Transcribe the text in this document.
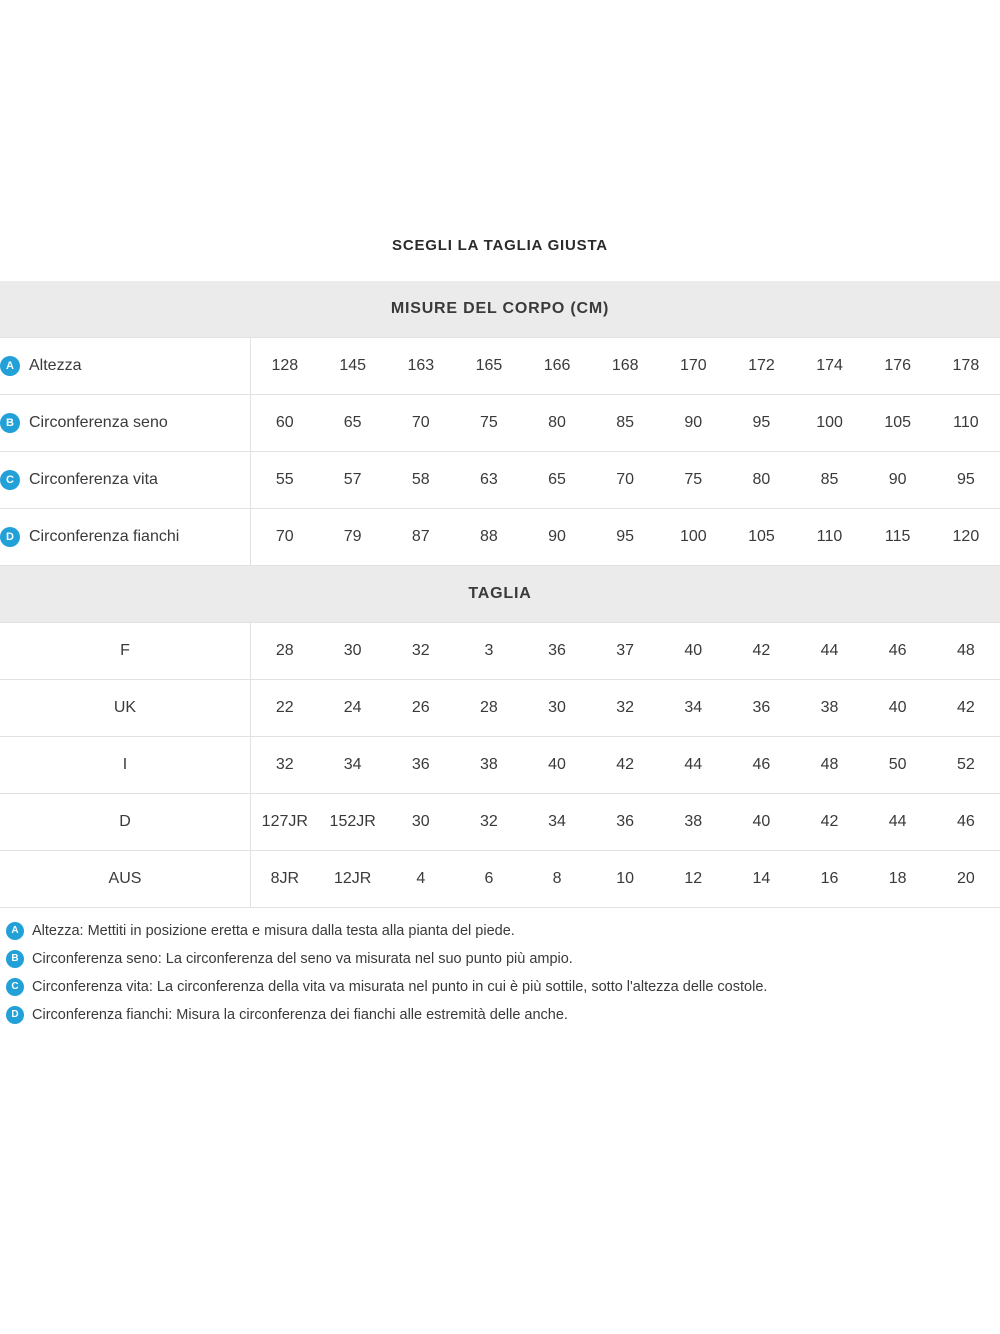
SCEGLI LA TAGLIA GIUSTA
MISURE DEL CORPO (CM)											

A Altezza	128	145	163	165	166	168	170	172	174	176	178

B Circonferenza seno	60	65	70	75	80	85	90	95	100	105	110

C Circonferenza vita	55	57	58	63	65	70	75	80	85	90	95

D Circonferenza fianchi	70	79	87	88	90	95	100	105	110	115	120
TAGLIA											
F	28	30	32	3	36	37	40	42	44	46	48
UK	22	24	26	28	30	32	34	36	38	40	42
I	32	34	36	38	40	42	44	46	48	50	52
D	127JR	152JR	30	32	34	36	38	40	42	44	46
AUS	8JR	12JR	4	6	8	10	12	14	16	18	20
A Altezza: Mettiti in posizione eretta e misura dalla testa alla pianta del piede.
B Circonferenza seno: La circonferenza del seno va misurata nel suo punto più ampio.
C Circonferenza vita: La circonferenza della vita va misurata nel punto in cui è più sottile, sotto l'altezza delle costole.
D Circonferenza fianchi: Misura la circonferenza dei fianchi alle estremità delle anche.
